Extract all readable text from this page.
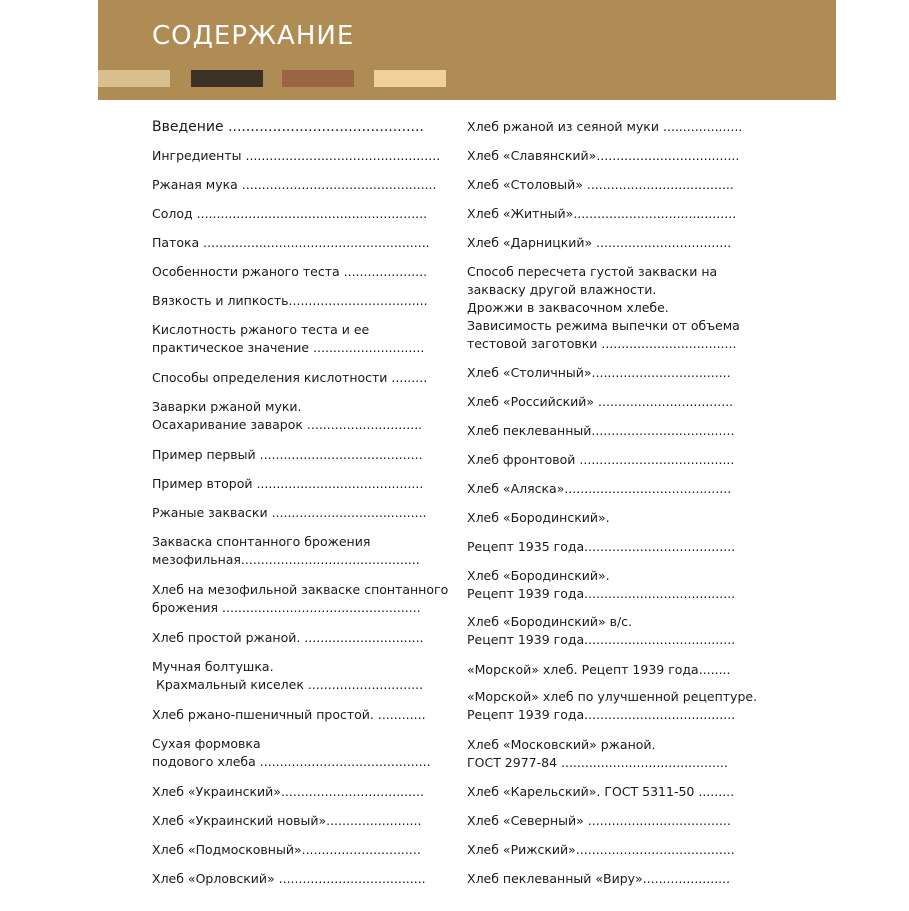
СОДЕРЖАНИЕ
Введение ............................................
Ингредиенты .................................................
Ржаная мука .................................................
Солод ..........................................................
Патока .........................................................
Особенности ржаного теста .....................
Вязкость и липкость...................................
Кислотность ржаного теста и ее
практическое значение ............................
Способы определения кислотности .........
Заварки ржаной муки.
Осахаривание заварок .............................
Пример первый .........................................
Пример второй ..........................................
Ржаные закваски .......................................
Закваска спонтанного брожения
мезофильная.............................................
Хлеб на мезофильной закваске спонтанного
брожения ..................................................
Хлеб простой ржаной. ..............................
Мучная болтушка.
Крахмальный киселек .............................
Хлеб ржано-пшеничный простой. ............
Сухая формовка
подового хлеба ...........................................
Хлеб «Украинский»....................................
Хлеб «Украинский новый»........................
Хлеб «Подмосковный»..............................
Хлеб «Орловский» .....................................
Хлеб ржаной из сеяной муки ....................
Хлеб «Славянский»....................................
Хлеб «Столовый» .....................................
Хлеб «Житный».........................................
Хлеб «Дарницкий» ..................................
Способ пересчета густой закваски на
закваску другой влажности.
Дрожжи в заквасочном хлебе.
Зависимость режима выпечки от объема
тестовой заготовки ..................................
Хлеб «Столичный»...................................
Хлеб «Российский» ..................................
Хлеб пеклеванный....................................
Хлеб фронтовой .......................................
Хлеб «Аляска»..........................................
Хлеб «Бородинский».
Рецепт 1935 года......................................
Хлеб «Бородинский».
Рецепт 1939 года......................................
Хлеб «Бородинский» в/с.
Рецепт 1939 года......................................
«Морской» хлеб. Рецепт 1939 года........
«Морской» хлеб по улучшенной рецептуре.
Рецепт 1939 года......................................
Хлеб «Московский» ржаной.
ГОСТ 2977-84 ..........................................
Хлеб «Карельский». ГОСТ 5311-50 .........
Хлеб «Северный» ....................................
Хлеб «Рижский»........................................
Хлеб пеклеванный «Виру»......................
